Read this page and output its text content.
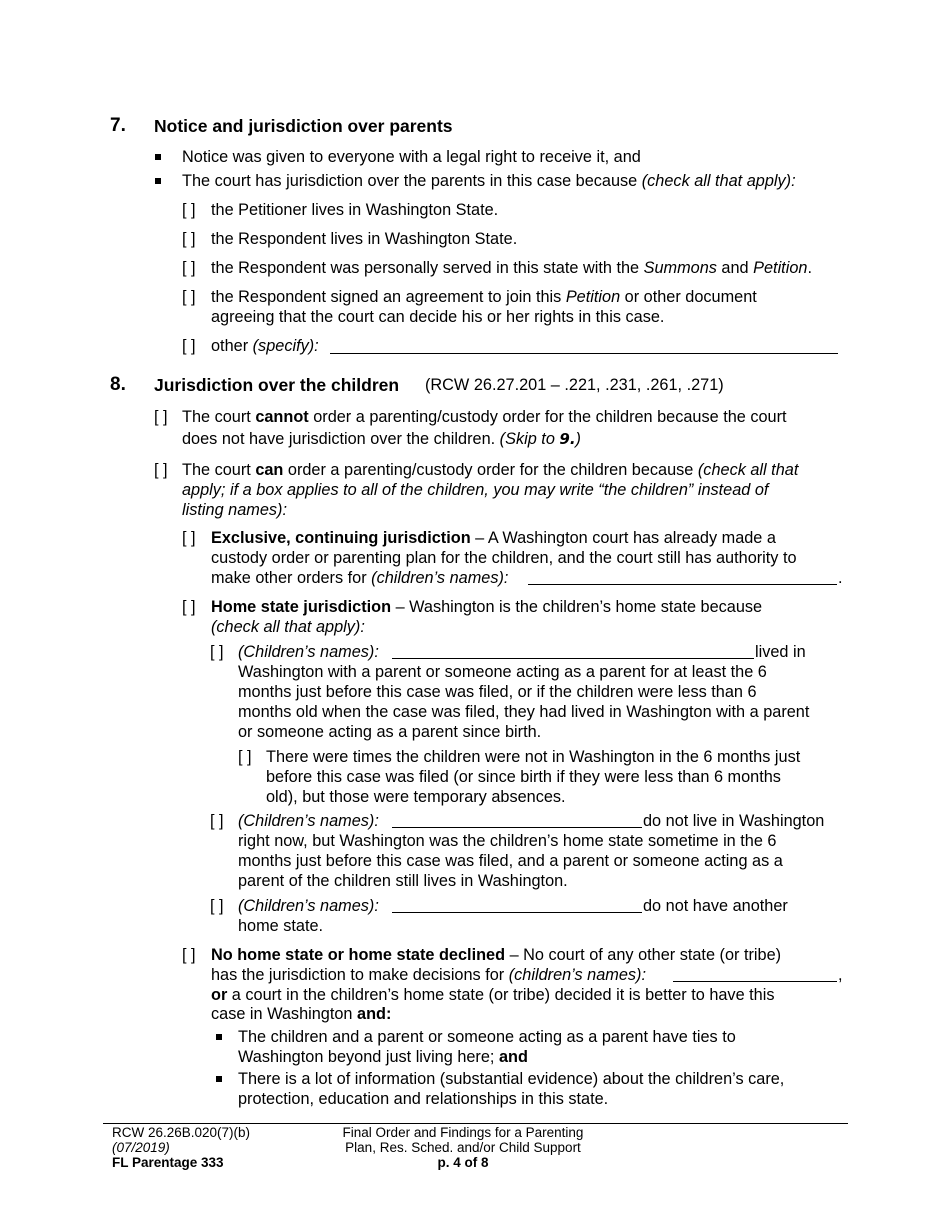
7. Notice and jurisdiction over parents
Notice was given to everyone with a legal right to receive it, and
The court has jurisdiction over the parents in this case because (check all that apply):
[ ] the Petitioner lives in Washington State.
[ ] the Respondent lives in Washington State.
[ ] the Respondent was personally served in this state with the Summons and Petition.
[ ] the Respondent signed an agreement to join this Petition or other document
agreeing that the court can decide his or her rights in this case.
[ ] other (specify):
8. Jurisdiction over the children (RCW 26.27.201 – .221, .231, .261, .271)
[ ] The court cannot order a parenting/custody order for the children because the court
does not have jurisdiction over the children. (Skip to 9.)
[ ] The court can order a parenting/custody order for the children because (check all that
apply; if a box applies to all of the children, you may write “the children” instead of
listing names):
[ ] Exclusive, continuing jurisdiction – A Washington court has already made a
custody order or parenting plan for the children, and the court still has authority to
make other orders for (children’s names):	.
[ ] Home state jurisdiction – Washington is the children’s home state because
(check all that apply):
[ ] (Children’s names):	lived in
Washington with a parent or someone acting as a parent for at least the 6
months just before this case was filed, or if the children were less than 6
months old when the case was filed, they had lived in Washington with a parent
or someone acting as a parent since birth.
[ ] There were times the children were not in Washington in the 6 months just
before this case was filed (or since birth if they were less than 6 months
old), but those were temporary absences.
[ ] (Children’s names):	do not live in Washington
right now, but Washington was the children’s home state sometime in the 6
months just before this case was filed, and a parent or someone acting as a
parent of the children still lives in Washington.
[ ] (Children’s names):	do not have another
home state.
[ ] No home state or home state declined – No court of any other state (or tribe)
has the jurisdiction to make decisions for (children’s names):	,
or a court in the children’s home state (or tribe) decided it is better to have this
case in Washington and:
The children and a parent or someone acting as a parent have ties to
Washington beyond just living here; and
There is a lot of information (substantial evidence) about the children’s care,
protection, education and relationships in this state.
RCW 26.26B.020(7)(b)
(07/2019)
FL Parentage 333
Final Order and Findings for a Parenting
Plan, Res. Sched. and/or Child Support
p. 4 of 8
